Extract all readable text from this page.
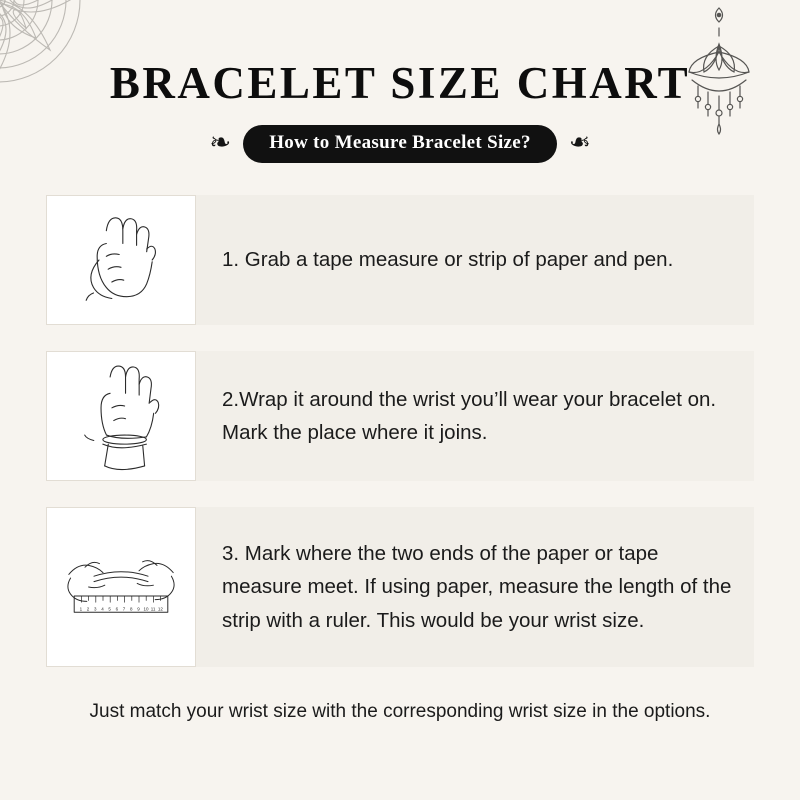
BRACELET SIZE CHART
❧	How to Measure Bracelet Size?	❧
1. Grab a tape measure or strip of paper and pen.
2.Wrap it around the wrist you’ll wear your bracelet on. Mark the place where it joins.
1 2 3 4 5 6 7 8 9 10 11 12
3. Mark where the two ends of the paper or tape measure meet. If using paper, measure the length of the strip with a ruler. This would be your wrist size.
Just match your wrist size with the corresponding wrist size in the options.
